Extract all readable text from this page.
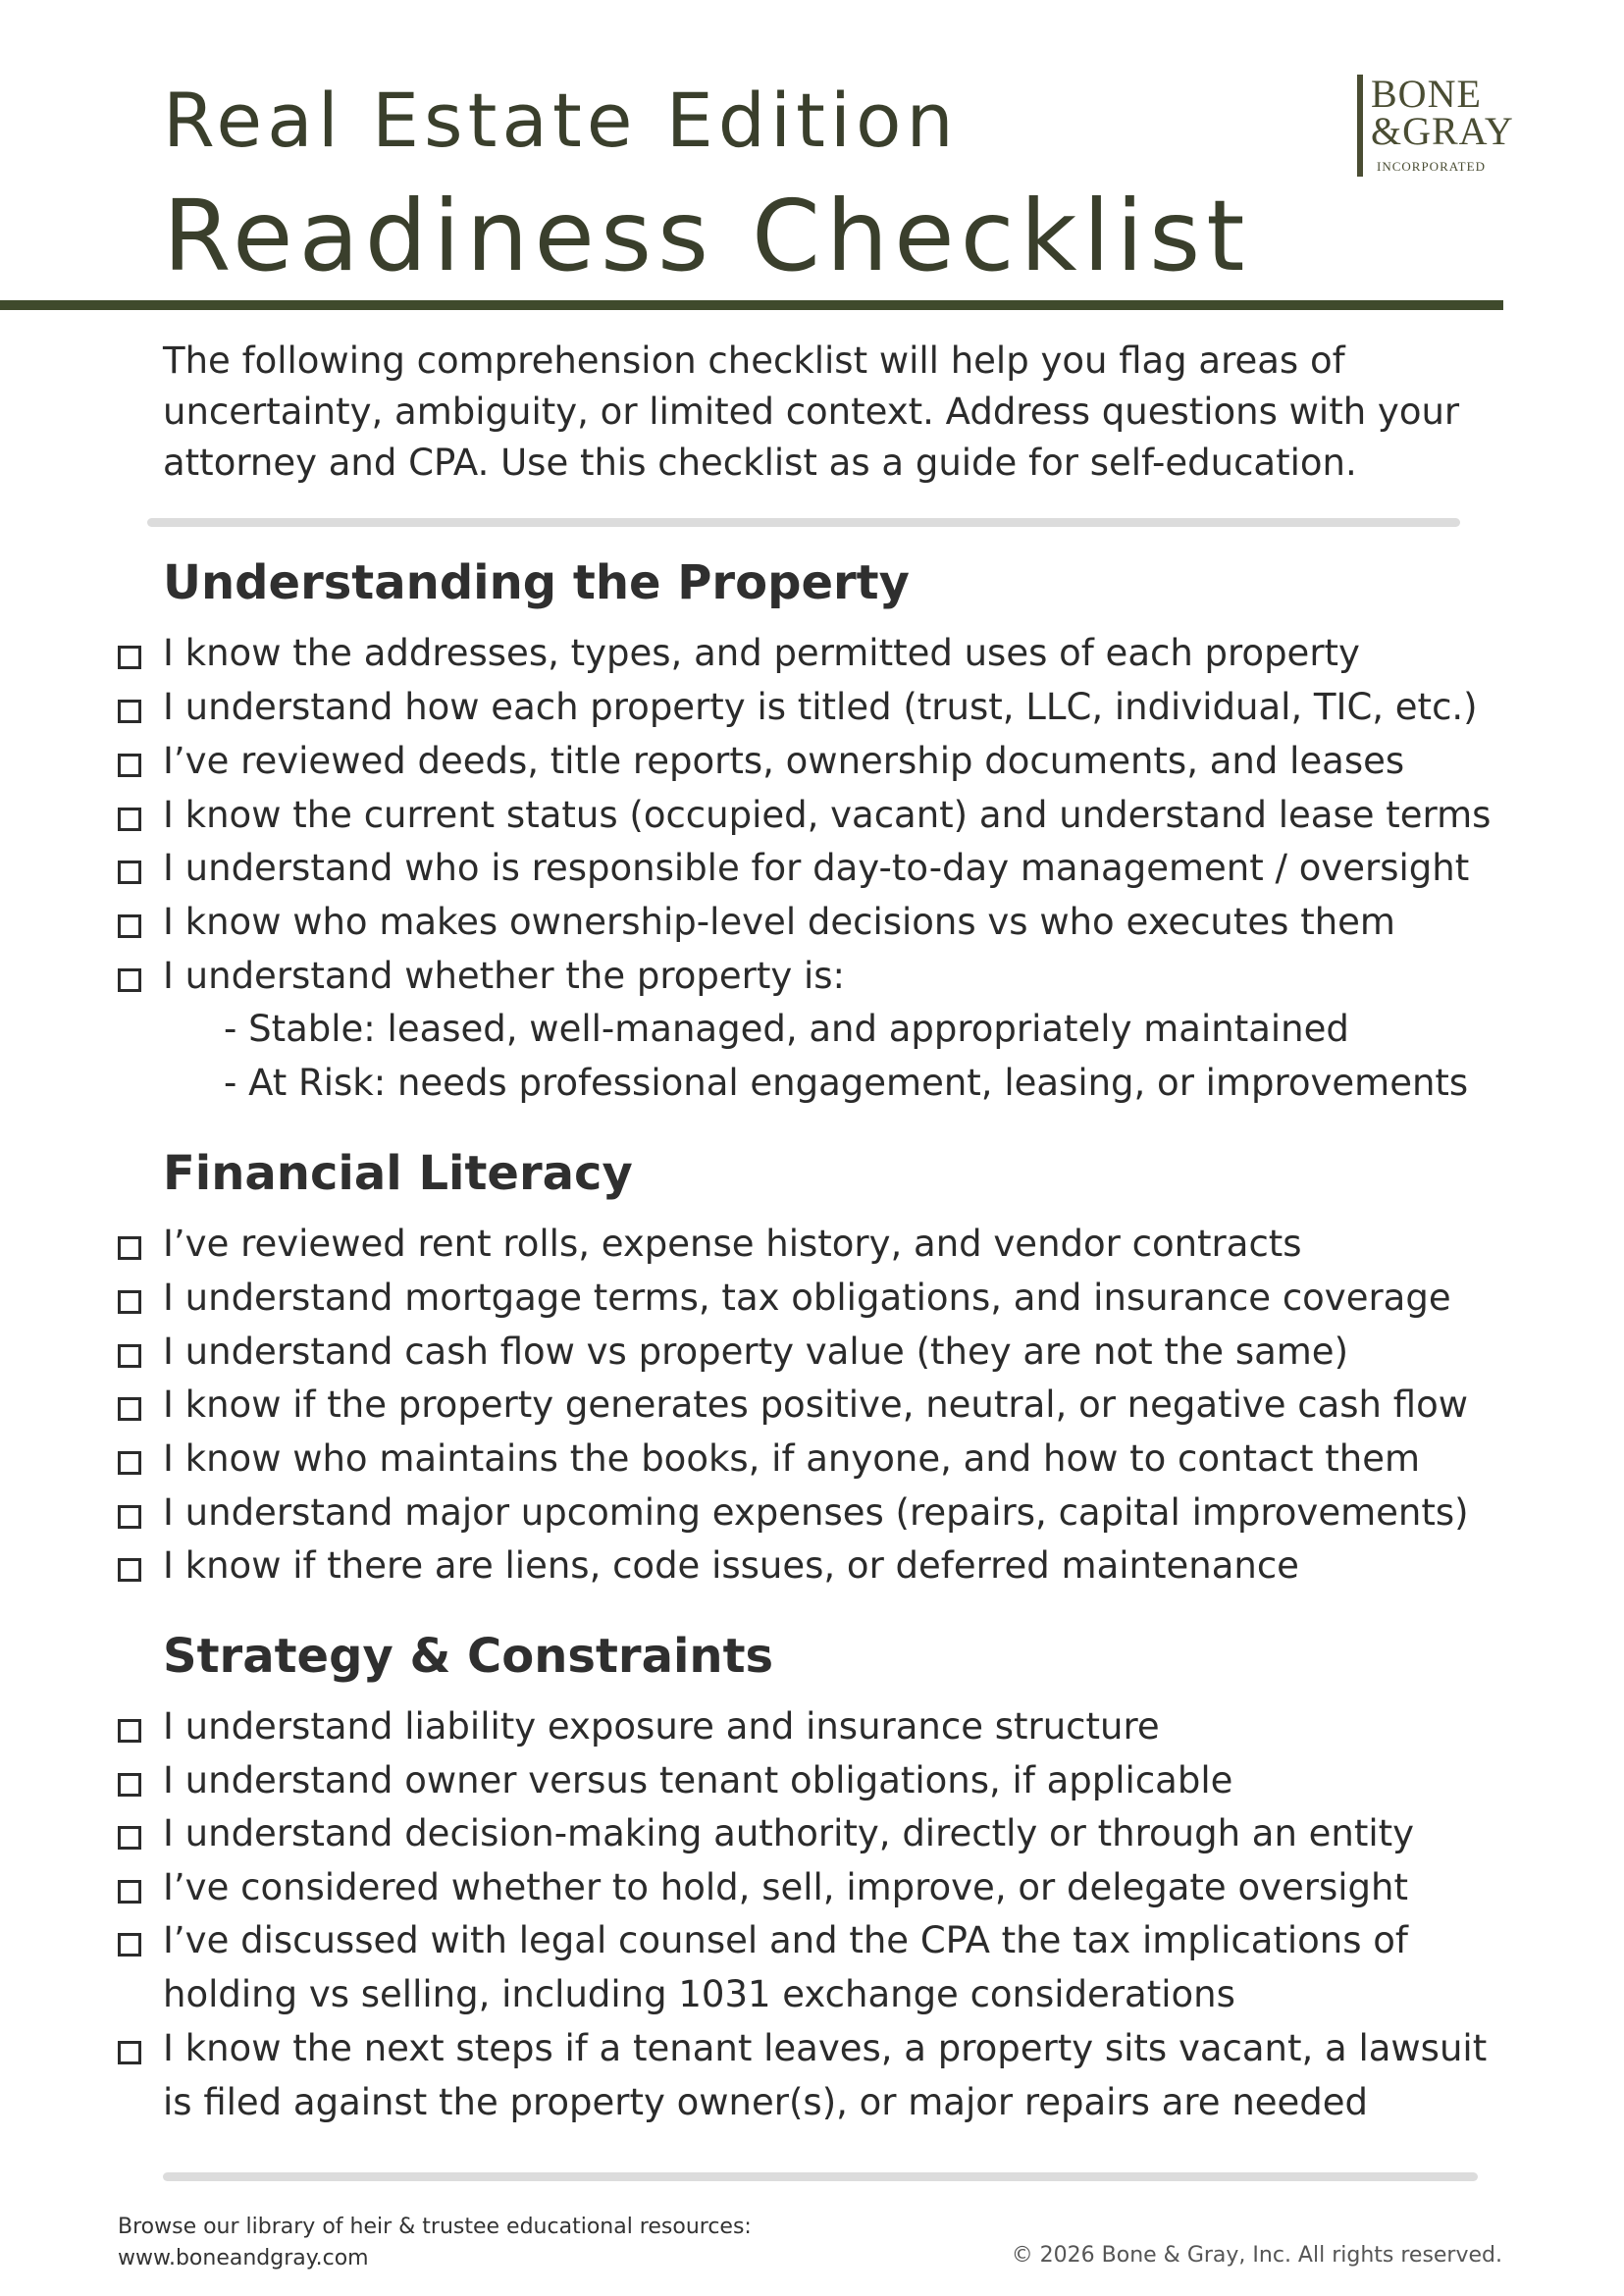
Real Estate Edition
Readiness Checklist
BONE
&GRAY
INCORPORATED
The following comprehension checklist will help you flag areas of uncertainty, ambiguity, or limited context. Address questions with your attorney and CPA. Use this checklist as a guide for self-education.
Understanding the Property
I know the addresses, types, and permitted uses of each property
I understand how each property is titled (trust, LLC, individual, TIC, etc.)
I’ve reviewed deeds, title reports, ownership documents, and leases
I know the current status (occupied, vacant) and understand lease terms
I understand who is responsible for day-to-day management / oversight
I know who makes ownership-level decisions vs who executes them
I understand whether the property is:
- Stable: leased, well-managed, and appropriately maintained
- At Risk: needs professional engagement, leasing, or improvements
Financial Literacy
I’ve reviewed rent rolls, expense history, and vendor contracts
I understand mortgage terms, tax obligations, and insurance coverage
I understand cash flow vs property value (they are not the same)
I know if the property generates positive, neutral, or negative cash flow
I know who maintains the books, if anyone, and how to contact them
I understand major upcoming expenses (repairs, capital improvements)
I know if there are liens, code issues, or deferred maintenance
Strategy & Constraints
I understand liability exposure and insurance structure
I understand owner versus tenant obligations, if applicable
I understand decision-making authority, directly or through an entity
I’ve considered whether to hold, sell, improve, or delegate oversight
I’ve discussed with legal counsel and the CPA the tax implications of holding vs selling, including 1031 exchange considerations
I know the next steps if a tenant leaves, a property sits vacant, a lawsuit is filed against the property owner(s), or major repairs are needed
Browse our library of heir & trustee educational resources:
www.boneandgray.com	© 2026 Bone & Gray, Inc. All rights reserved.
